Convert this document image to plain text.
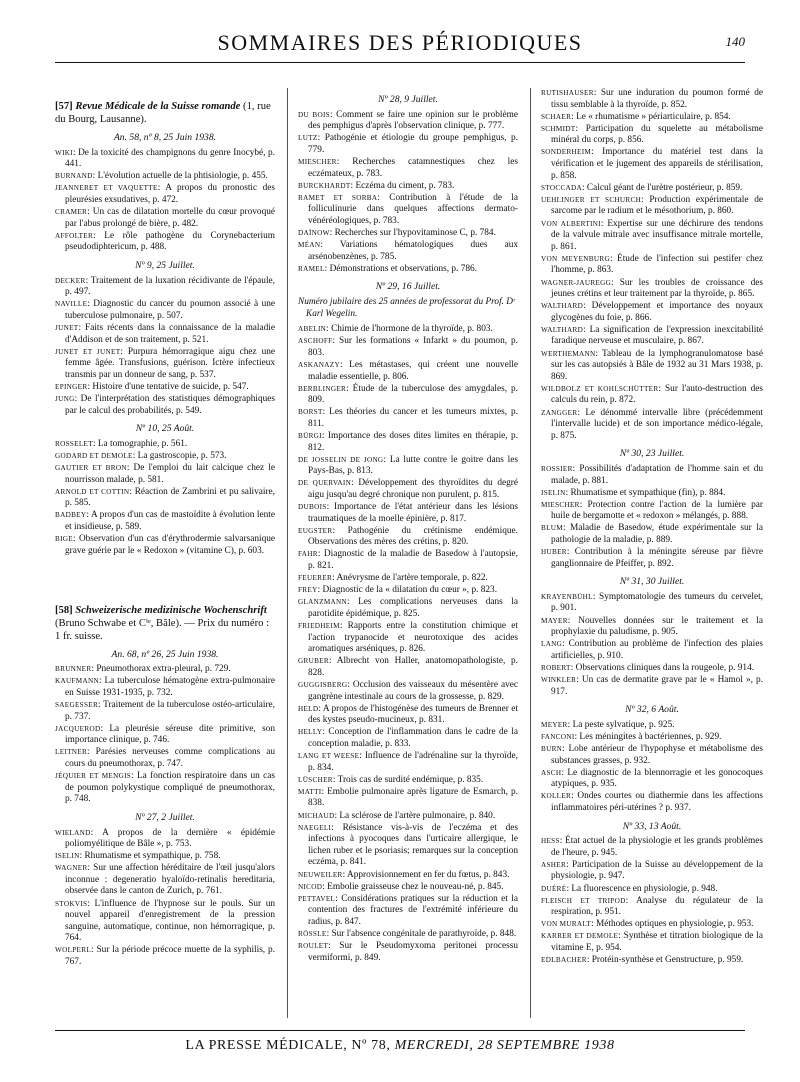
SOMMAIRES DES PÉRIODIQUES	140
[57] Revue Médicale de la Suisse romande (1, rue du Bourg, Lausanne).
An. 58, nº 8, 25 Juin 1938.
WIKI: De la toxicité des champignons du genre Inocybé, p. 441.
BURNAND: L'évolution actuelle de la phtisiologie, p. 455.
JEANNERET ET VAQUETTE: A propos du pronostic des pleurésies exsudatives, p. 472.
CRAMER: Un cas de dilatation mortelle du cœur provoqué par l'abus prolongé de bière, p. 482.
AFFOLTER: Le rôle pathogène du Corynebacterium pseudodiphtericum, p. 488.
Nº 9, 25 Juillet.
DECKER: Traitement de la luxation récidivante de l'épaule, p. 497.
NAVILLE: Diagnostic du cancer du poumon associé à une tuberculose pulmonaire, p. 507.
JUNET: Faits récents dans la connaissance de la maladie d'Addison et de son traitement, p. 521.
JUNET ET JUNET: Purpura hémorragique aigu chez une femme âgée. Transfusions, guérison. Ictère infectieux transmis par un donneur de sang, p. 537.
EPINGER: Histoire d'une tentative de suicide, p. 547.
JUNG: De l'interprétation des statistiques démographiques par le calcul des probabilités, p. 549.
Nº 10, 25 Août.
ROSSELET: La tomographie, p. 561.
GODARD ET DEMOLE: La gastroscopie, p. 573.
GAUTIER ET BRON: De l'emploi du lait calcique chez le nourrisson malade, p. 581.
ARNOLD ET COTTIN: Réaction de Zambrini et pu salivaire, p. 585.
BADBEY: A propos d'un cas de mastoïdite à évolution lente et insidieuse, p. 589.
BIGE: Observation d'un cas d'érythrodermie salvarsanique grave guérie par le « Redoxon » (vitamine C), p. 603.
[58] Schweizerische medizinische Wochenschrift (Bruno Schwabe et Cⁱᵉ, Bâle). — Prix du numéro : 1 fr. suisse.
An. 68, nº 26, 25 Juin 1938.
BRUNNER: Pneumothorax extra-pleural, p. 729.
KAUFMANN: La tuberculose hématogène extra-pulmonaire en Suisse 1931-1935, p. 732.
SAEGESSER: Traitement de la tuberculose ostéo-articulaire, p. 737.
JACQUEROD: La pleurésie séreuse dite primitive, son importance clinique, p. 746.
LEITNER: Parésies nerveuses comme complications au cours du pneumothorax, p. 747.
JÉQUIER ET MENGIS: La fonction respiratoire dans un cas de poumon polykystique compliqué de pneumothorax, p. 748.
Nº 27, 2 Juillet.
WIELAND: A propos de la dernière « épidémie poliomyélitique de Bâle », p. 753.
ISELIN: Rhumatisme et sympathique, p. 758.
WAGNER: Sur une affection héréditaire de l'œil jusqu'alors inconnue : degeneratio hyaloïdo-retinalis hereditaria, observée dans le canton de Zurich, p. 761.
STOKVIS: L'influence de l'hypnose sur le pouls. Sur un nouvel appareil d'enregistrement de la pression sanguine, automatique, continue, non hémorragique, p. 764.
WOLPERL: Sur la période précoce muette de la syphilis, p. 767.
Nº 28, 9 Juillet.
DU BOIS: Comment se faire une opinion sur le problème des pemphigus d'après l'observation clinique, p. 777.
LUTZ: Pathogénie et étiologie du groupe pemphigus, p. 779.
MIESCHER: Recherches catamnestiques chez les eczémateux, p. 783.
BURCKHARDT: Eczéma du ciment, p. 783.
RAMET ET SORBA: Contribution à l'étude de la folliculinurie dans quelques affections dermato-vénéréologiques, p. 783.
DAÏNOW: Recherches sur l'hypovitaminose C, p. 784.
MÉAN: Variations hématologiques dues aux arsénobenzènes, p. 785.
RAMEL: Démonstrations et observations, p. 786.
Nº 29, 16 Juillet.
Numéro jubilaire des 25 années de professorat du Prof. Dʳ Karl Wegelin.
ABELIN: Chimie de l'hormone de la thyroïde, p. 803.
ASCHOFF: Sur les formations « Infarkt » du poumon, p. 803.
ASKANAZY: Les métastases, qui créent une nouvelle maladie essentielle, p. 806.
BERBLINGER: Étude de la tuberculose des amygdales, p. 809.
BORST: Les théories du cancer et les tumeurs mixtes, p. 811.
BÜRGI: Importance des doses dites limites en thérapie, p. 812.
DE JOSSELIN DE JONG: La lutte contre le goitre dans les Pays-Bas, p. 813.
DE QUERVAIN: Développement des thyroïdites du degré aigu jusqu'au degré chronique non purulent, p. 815.
DUBOIS: Importance de l'état antérieur dans les lésions traumatiques de la moelle épinière, p. 817.
EUGSTER: Pathogénie du crétinisme endémique. Observations des mères des crétins, p. 820.
FAHR: Diagnostic de la maladie de Basedow à l'autopsie, p. 821.
FEUERER: Anévrysme de l'artère temporale, p. 822.
FREY: Diagnostic de la « dilatation du cœur », p. 823.
GLANZMANN: Les complications nerveuses dans la parotidite épidémique, p. 825.
FRIEDHEIM: Rapports entre la constitution chimique et l'action trypanocide et neurotoxique des acides aromatiques arséniques, p. 826.
GRUBER: Albrecht von Haller, anatomopathologiste, p. 828.
GUGGISBERG: Occlusion des vaisseaux du mésentère avec gangrène intestinale au cours de la grossesse, p. 829.
HELD: A propos de l'histogénèse des tumeurs de Brenner et des kystes pseudo-mucineux, p. 831.
HELLY: Conception de l'inflammation dans le cadre de la conception maladie, p. 833.
LANG ET WEESE: Influence de l'adrénaline sur la thyroïde, p. 834.
LÜSCHER: Trois cas de surdité endémique, p. 835.
MATTI: Embolie pulmonaire après ligature de Esmarch, p. 838.
MICHAUD: La sclérose de l'artère pulmonaire, p. 840.
NAEGELI: Résistance vis-à-vis de l'eczéma et des infections à pyocoques dans l'urticaire allergique, le lichen ruber et le psoriasis; remarques sur la conception eczéma, p. 841.
NEUWEILER: Approvisionnement en fer du fœtus, p. 843.
NICOD: Embolie graisseuse chez le nouveau-né, p. 845.
PETTAVEL: Considérations pratiques sur la réduction et la contention des fractures de l'extrémité inférieure du radius, p. 847.
RÖSSLE: Sur l'absence congénitale de parathyroïde, p. 848.
ROULET: Sur le Pseudomyxoma peritonei processu vermiformi, p. 849.
RUTISHAUSER: Sur une induration du poumon formé de tissu semblable à la thyroïde, p. 852.
SCHAER: Le « rhumatisme » périarticulaire, p. 854.
SCHMIDT: Participation du squelette au métabolisme minéral du corps, p. 856.
SONDERHEIM: Importance du matériel test dans la vérification et le jugement des appareils de stérilisation, p. 858.
STOCCADA: Calcul géant de l'urètre postérieur, p. 859.
UEHLINGER ET SCHURCH: Production expérimentale de sarcome par le radium et le mésothorium, p. 860.
VON ALBERTINI: Expertise sur une déchirure des tendons de la valvule mitrale avec insuffisance mitrale mortelle, p. 861.
VON MEYENBURG: Étude de l'infection sui pestifer chez l'homme, p. 863.
WAGNER-JAUREGG: Sur les troubles de croissance des jeunes crétins et leur traitement par la thyroïde, p. 865.
WALTHARD: Développement et importance des noyaux glycogènes du foie, p. 866.
WALTHARD: La signification de l'expression inexcitabilité faradique nerveuse et musculaire, p. 867.
WERTHEMANN: Tableau de la lymphogranulomatose basé sur les cas autopsiés à Bâle de 1932 au 31 Mars 1938, p. 869.
WILDBOLZ ET KOHLSCHÜTTER: Sur l'auto-destruction des calculs du rein, p. 872.
ZANGGER: Le dénommé intervalle libre (précédemment l'intervalle lucide) et de son importance médico-légale, p. 875.
Nº 30, 23 Juillet.
ROSSIER: Possibilités d'adaptation de l'homme sain et du malade, p. 881.
ISELIN: Rhumatisme et sympathique (fin), p. 884.
MIESCHER: Protection contre l'action de la lumière par huile de bergamotte et « redoxon » mélangés, p. 888.
BLUM: Maladie de Basedow, étude expérimentale sur la pathologie de la maladie, p. 889.
HUBER: Contribution à la méningite séreuse par fièvre ganglionnaire de Pfeiffer, p. 892.
Nº 31, 30 Juillet.
KRAYENBÜHL: Symptomatologie des tumeurs du cervelet, p. 901.
MAYER: Nouvelles données sur le traitement et la prophylaxie du paludisme, p. 905.
LANG: Contribution au problème de l'infection des plaies artificielles, p. 910.
ROBERT: Observations cliniques dans la rougeole, p. 914.
WINKLER: Un cas de dermatite grave par le « Hamol », p. 917.
Nº 32, 6 Août.
MEYER: La peste sylvatique, p. 925.
FANCONI: Les méningites à bactériennes, p. 929.
BURN: Lobe antérieur de l'hypophyse et métabolisme des substances grasses, p. 932.
ASCH: Le diagnostic de la blennorragie et les gonocoques atypiques, p. 935.
KOLLER: Ondes courtes ou diathermie dans les affections inflammatoires péri-utérines ? p. 937.
Nº 33, 13 Août.
HESS: État actuel de la physiologie et les grands problèmes de l'heure, p. 945.
ASHER: Participation de la Suisse au développement de la physiologie, p. 947.
DUÉRÉ: La fluorescence en physiologie, p. 948.
FLEISCH ET TRIPOD: Analyse du régulateur de la respiration, p. 951.
VON MURALT: Méthodes optiques en physiologie, p. 953.
KARRER ET DEMOLE: Synthèse et titration biologique de la vitamine E, p. 954.
EDLBACHER: Protéin-synthèse et Genstructure, p. 959.
LA PRESSE MÉDICALE, Nº 78, MERCREDI, 28 SEPTEMBRE 1938
